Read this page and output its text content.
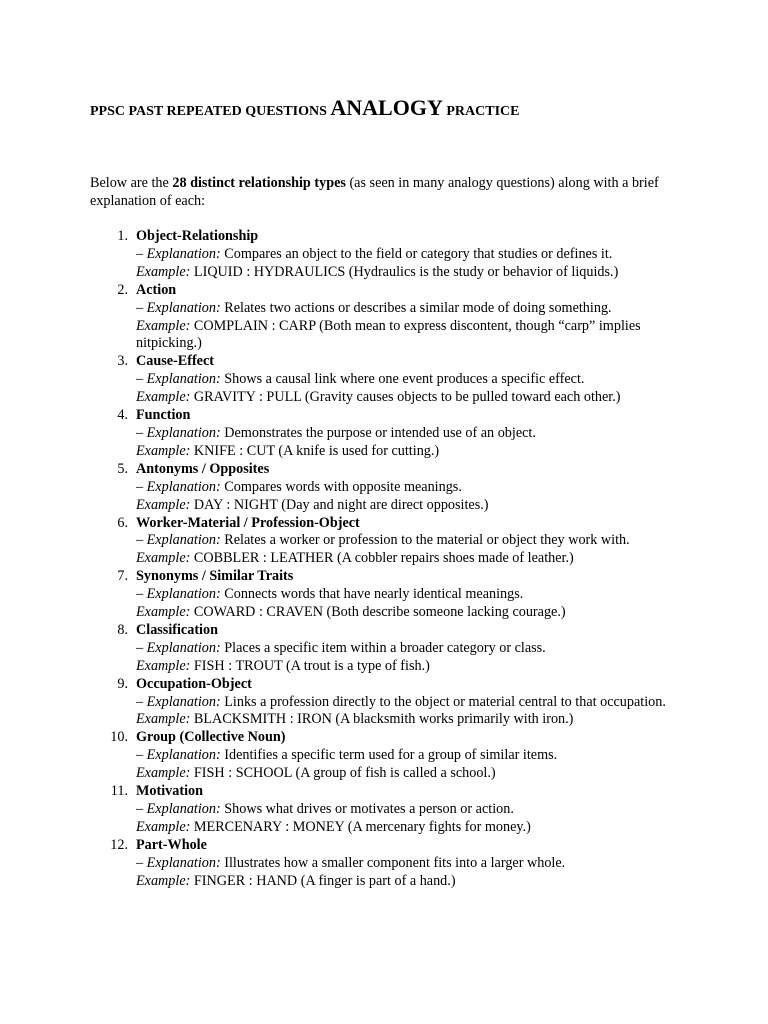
PPSC PAST REPEATED QUESTIONS ANALOGY PRACTICE

Below are the 28 distinct relationship types (as seen in many analogy questions) along with a brief explanation of each:

1. Object-Relationship
– Explanation: Compares an object to the field or category that studies or defines it.
Example: LIQUID : HYDRAULICS (Hydraulics is the study or behavior of liquids.)
2. Action
– Explanation: Relates two actions or describes a similar mode of doing something.
Example: COMPLAIN : CARP (Both mean to express discontent, though “carp” implies nitpicking.)
3. Cause-Effect
– Explanation: Shows a causal link where one event produces a specific effect.
Example: GRAVITY : PULL (Gravity causes objects to be pulled toward each other.)
4. Function
– Explanation: Demonstrates the purpose or intended use of an object.
Example: KNIFE : CUT (A knife is used for cutting.)
5. Antonyms / Opposites
– Explanation: Compares words with opposite meanings.
Example: DAY : NIGHT (Day and night are direct opposites.)
6. Worker-Material / Profession-Object
– Explanation: Relates a worker or profession to the material or object they work with.
Example: COBBLER : LEATHER (A cobbler repairs shoes made of leather.)
7. Synonyms / Similar Traits
– Explanation: Connects words that have nearly identical meanings.
Example: COWARD : CRAVEN (Both describe someone lacking courage.)
8. Classification
– Explanation: Places a specific item within a broader category or class.
Example: FISH : TROUT (A trout is a type of fish.)
9. Occupation-Object
– Explanation: Links a profession directly to the object or material central to that occupation.
Example: BLACKSMITH : IRON (A blacksmith works primarily with iron.)
10. Group (Collective Noun)
– Explanation: Identifies a specific term used for a group of similar items.
Example: FISH : SCHOOL (A group of fish is called a school.)
11. Motivation
– Explanation: Shows what drives or motivates a person or action.
Example: MERCENARY : MONEY (A mercenary fights for money.)
12. Part-Whole
– Explanation: Illustrates how a smaller component fits into a larger whole.
Example: FINGER : HAND (A finger is part of a hand.)
